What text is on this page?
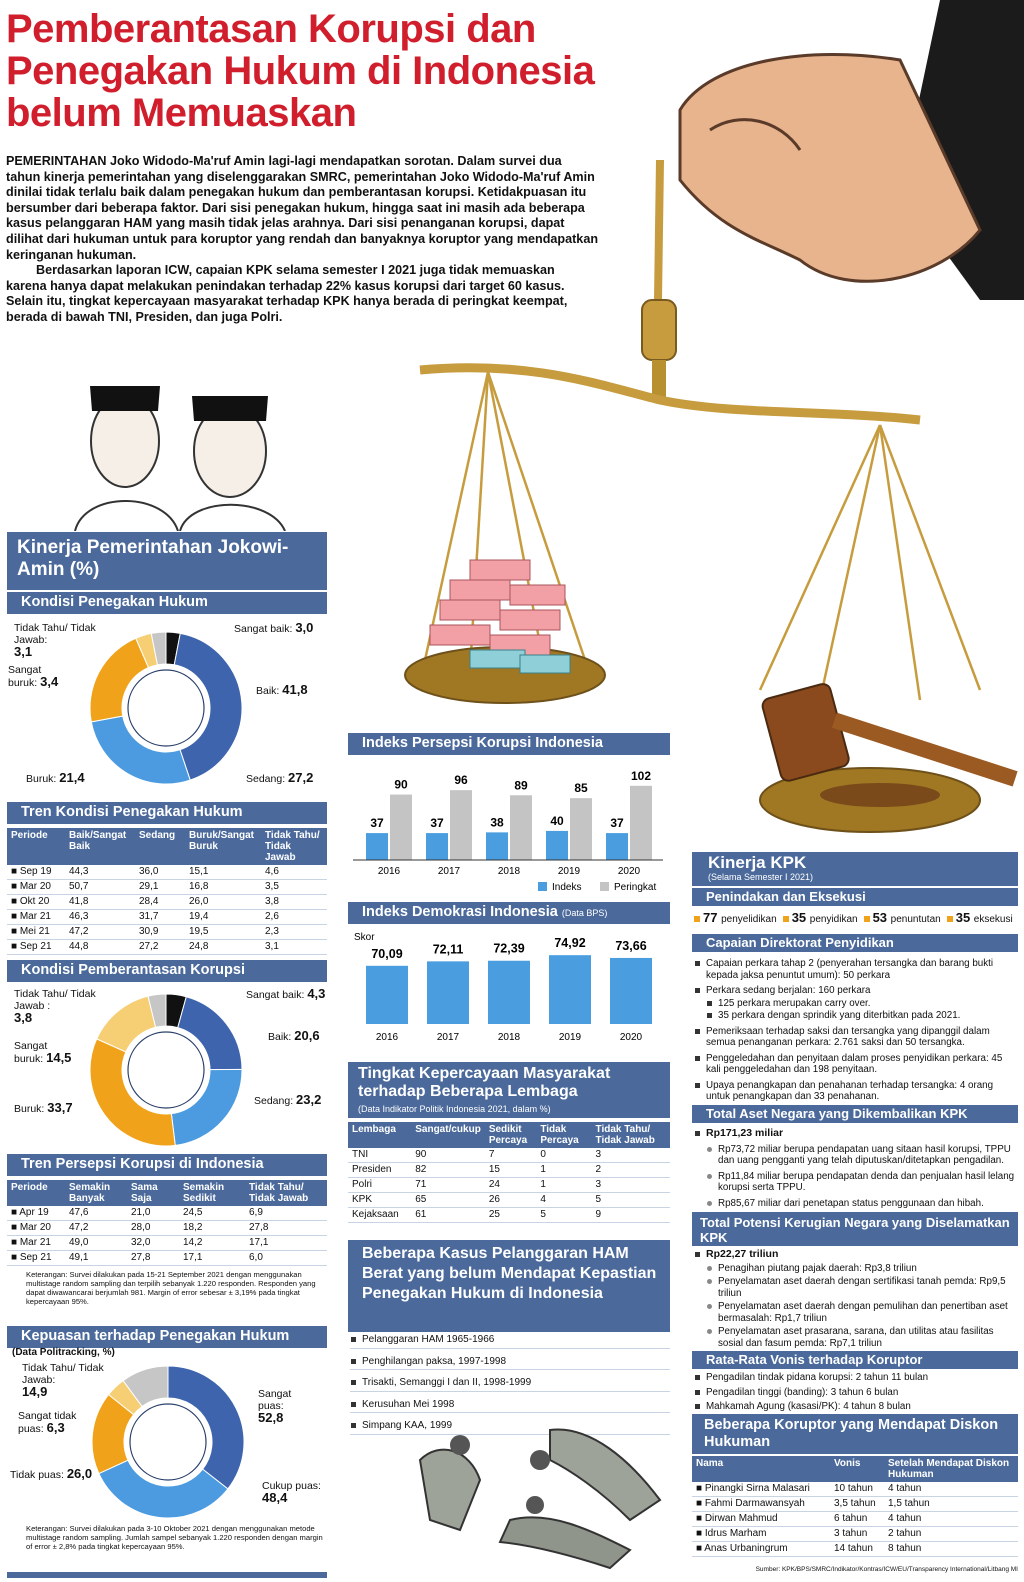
Pemberantasan Korupsi dan Penegakan Hukum di Indonesia belum Memuaskan

PEMERINTAHAN Joko Widodo-Ma'ruf Amin lagi-lagi mendapatkan sorotan. Dalam survei dua tahun kinerja pemerintahan yang diselenggarakan SMRC, pemerintahan Joko Widodo-Ma'ruf Amin dinilai tidak terlalu baik dalam penegakan hukum dan pemberantasan korupsi. Ketidakpuasan itu bersumber dari beberapa faktor. Dari sisi penegakan hukum, hingga saat ini masih ada beberapa kasus pelanggaran HAM yang masih tidak jelas arahnya. Dari sisi penanganan korupsi, dapat dilihat dari hukuman untuk para koruptor yang rendah dan banyaknya koruptor yang mendapatkan keringanan hukuman.

Berdasarkan laporan ICW, capaian KPK selama semester I 2021 juga tidak memuaskan karena hanya dapat melakukan penindakan terhadap 22% kasus korupsi dari target 60 kasus. Selain itu, tingkat kepercayaan masyarakat terhadap KPK hanya berada di peringkat keempat, berada di bawah TNI, Presiden, dan juga Polri.

Kinerja Pemerintahan Jokowi-Amin (%)
Kondisi Penegakan Hukum
Tidak Tahu/ Tidak Jawab:
3,1
Sangat buruk: 3,4
Buruk: 21,4	Sedang: 27,2
Baik: 41,8
Sangat baik: 3,0
Tren Kondisi Penegakan Hukum
Periode	Baik/Sangat Baik	Sedang	Buruk/Sangat Buruk	Tidak Tahu/ Tidak Jawab
■ Sep 19	44,3	36,0	15,1	4,6
■ Mar 20	50,7	29,1	16,8	3,5
■ Okt 20	41,8	28,4	26,0	3,8
■ Mar 21	46,3	31,7	19,4	2,6
■ Mei 21	47,2	30,9	19,5	2,3
■ Sep 21	44,8	27,2	24,8	3,1
Kondisi Pemberantasan Korupsi
Tidak Tahu/ Tidak Jawab :
3,8
Sangat buruk: 14,5
Buruk: 33,7	Sedang: 23,2
Baik: 20,6
Sangat baik: 4,3
Tren Persepsi Korupsi di Indonesia
Periode	Semakin Banyak	Sama Saja	Semakin Sedikit	Tidak Tahu/ Tidak Jawab
■ Apr 19	47,6	21,0	24,5	6,9
■ Mar 20	47,2	28,0	18,2	27,8
■ Mar 21	49,0	32,0	14,2	17,1
■ Sep 21	49,1	27,8	17,1	6,0
Keterangan: Survei dilakukan pada 15-21 September 2021 dengan menggunakan multistage random sampling dan terpilih sebanyak 1.220 responden. Responden yang dapat diwawancarai berjumlah 981. Margin of error sebesar ± 3,19% pada tingkat kepercayaan 95%.
Kepuasan terhadap Penegakan Hukum
(Data Politracking, %)
Tidak Tahu/ Tidak Jawab:
14,9
Sangat tidak puas: 6,3
Tidak puas: 26,0
Cukup puas:
48,4
Sangat puas:
52,8
Keterangan: Survei dilakukan pada 3-10 Oktober 2021 dengan menggunakan metode multistage random sampling. Jumlah sampel sebanyak 1.220 responden dengan margin of error ± 2,8% pada tingkat kepercayaan 95%.
Indeks Persepsi Korupsi Indonesia
37
90
2016
37
96
2017
38
89
2018
40
85
2019
37
102
2020
Indeks	Peringkat
Indeks Demokrasi Indonesia (Data BPS)
Skor
70,09
2016
72,11
2017
72,39
2018
74,92
2019
73,66
2020
Tingkat Kepercayaan Masyarakat terhadap Beberapa Lembaga
(Data Indikator Politik Indonesia 2021, dalam %)
Lembaga	Sangat/cukup	Sedikit Percaya	Tidak Percaya	Tidak Tahu/ Tidak Jawab
TNI	90	7	0	3
Presiden	82	15	1	2
Polri	71	24	1	3
KPK	65	26	4	5
Kejaksaan	61	25	5	9
Beberapa Kasus Pelanggaran HAM Berat yang belum Mendapat Kepastian Penegakan Hukum di Indonesia
Pelanggaran HAM 1965-1966
Penghilangan paksa, 1997-1998
Trisakti, Semanggi I dan II, 1998-1999
Kerusuhan Mei 1998
Simpang KAA, 1999
Kinerja KPK
(Selama Semester I 2021)
Penindakan dan Eksekusi
77 penyelidikan 35 penyidikan 53 penuntutan 35 eksekusi
Capaian Direktorat Penyidikan
Capaian perkara tahap 2 (penyerahan tersangka dan barang bukti kepada jaksa penuntut umum): 50 perkara
Perkara sedang berjalan: 160 perkara
125 perkara merupakan carry over.
35 perkara dengan sprindik yang diterbitkan pada 2021.
Pemeriksaan terhadap saksi dan tersangka yang dipanggil dalam semua penanganan perkara: 2.761 saksi dan 50 tersangka.
Penggeledahan dan penyitaan dalam proses penyidikan perkara: 45 kali penggeledahan dan 198 penyitaan.
Upaya penangkapan dan penahanan terhadap tersangka: 4 orang untuk penangkapan dan 33 penahanan.
Total Aset Negara yang Dikembalikan KPK
Rp171,23 miliar
Rp73,72 miliar berupa pendapatan uang sitaan hasil korupsi, TPPU dan uang pengganti yang telah diputuskan/ditetapkan pengadilan.
Rp11,84 miliar berupa pendapatan denda dan penjualan hasil lelang korupsi serta TPPU.
Rp85,67 miliar dari penetapan status penggunaan dan hibah.
Total Potensi Kerugian Negara yang Diselamatkan KPK
Rp22,27 triliun
Penagihan piutang pajak daerah: Rp3,8 triliun
Penyelamatan aset daerah dengan sertifikasi tanah pemda: Rp9,5 triliun
Penyelamatan aset daerah dengan pemulihan dan penertiban aset bermasalah: Rp1,7 triliun
Penyelamatan aset prasarana, sarana, dan utilitas atau fasilitas sosial dan fasum pemda: Rp7,1 triliun
Rata-Rata Vonis terhadap Koruptor
Pengadilan tindak pidana korupsi: 2 tahun 11 bulan
Pengadilan tinggi (banding): 3 tahun 6 bulan
Mahkamah Agung (kasasi/PK): 4 tahun 8 bulan
Beberapa Koruptor yang Mendapat Diskon Hukuman
Nama	Vonis	Setelah Mendapat Diskon Hukuman
■ Pinangki Sirna Malasari	10 tahun	4 tahun
■ Fahmi Darmawansyah	3,5 tahun	1,5 tahun
■ Dirwan Mahmud	6 tahun	4 tahun
■ Idrus Marham	3 tahun	2 tahun
■ Anas Urbaningrum	14 tahun	8 tahun
Sumber: KPK/BPS/SMRC/Indikator/Kontras/ICW/EU/Transparency International/Litbang MI
